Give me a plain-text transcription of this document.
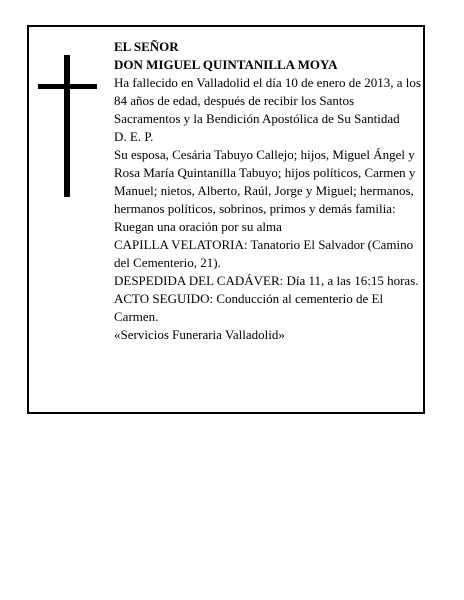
EL SEÑOR

DON MIGUEL QUINTANILLA MOYA

Ha fallecido en Valladolid el día 10 de enero de 2013, a los 84 años de edad, después de recibir los Santos Sacramentos y la Bendición Apostólica de Su Santidad

D. E. P.

Su esposa, Cesária Tabuyo Callejo; hijos, Miguel Ángel y Rosa María Quintanilla Tabuyo; hijos políticos, Carmen y Manuel; nietos, Alberto, Raúl, Jorge y Miguel; hermanos, hermanos políticos, sobrinos, primos y demás familia:

Ruegan una oración por su alma

CAPILLA VELATORIA: Tanatorio El Salvador (Camino del Cementerio, 21).

DESPEDIDA DEL CADÁVER: Día 11, a las 16:15 horas.

ACTO SEGUIDO: Conducción al cementerio de El Carmen.

«Servicios Funeraria Valladolid»
